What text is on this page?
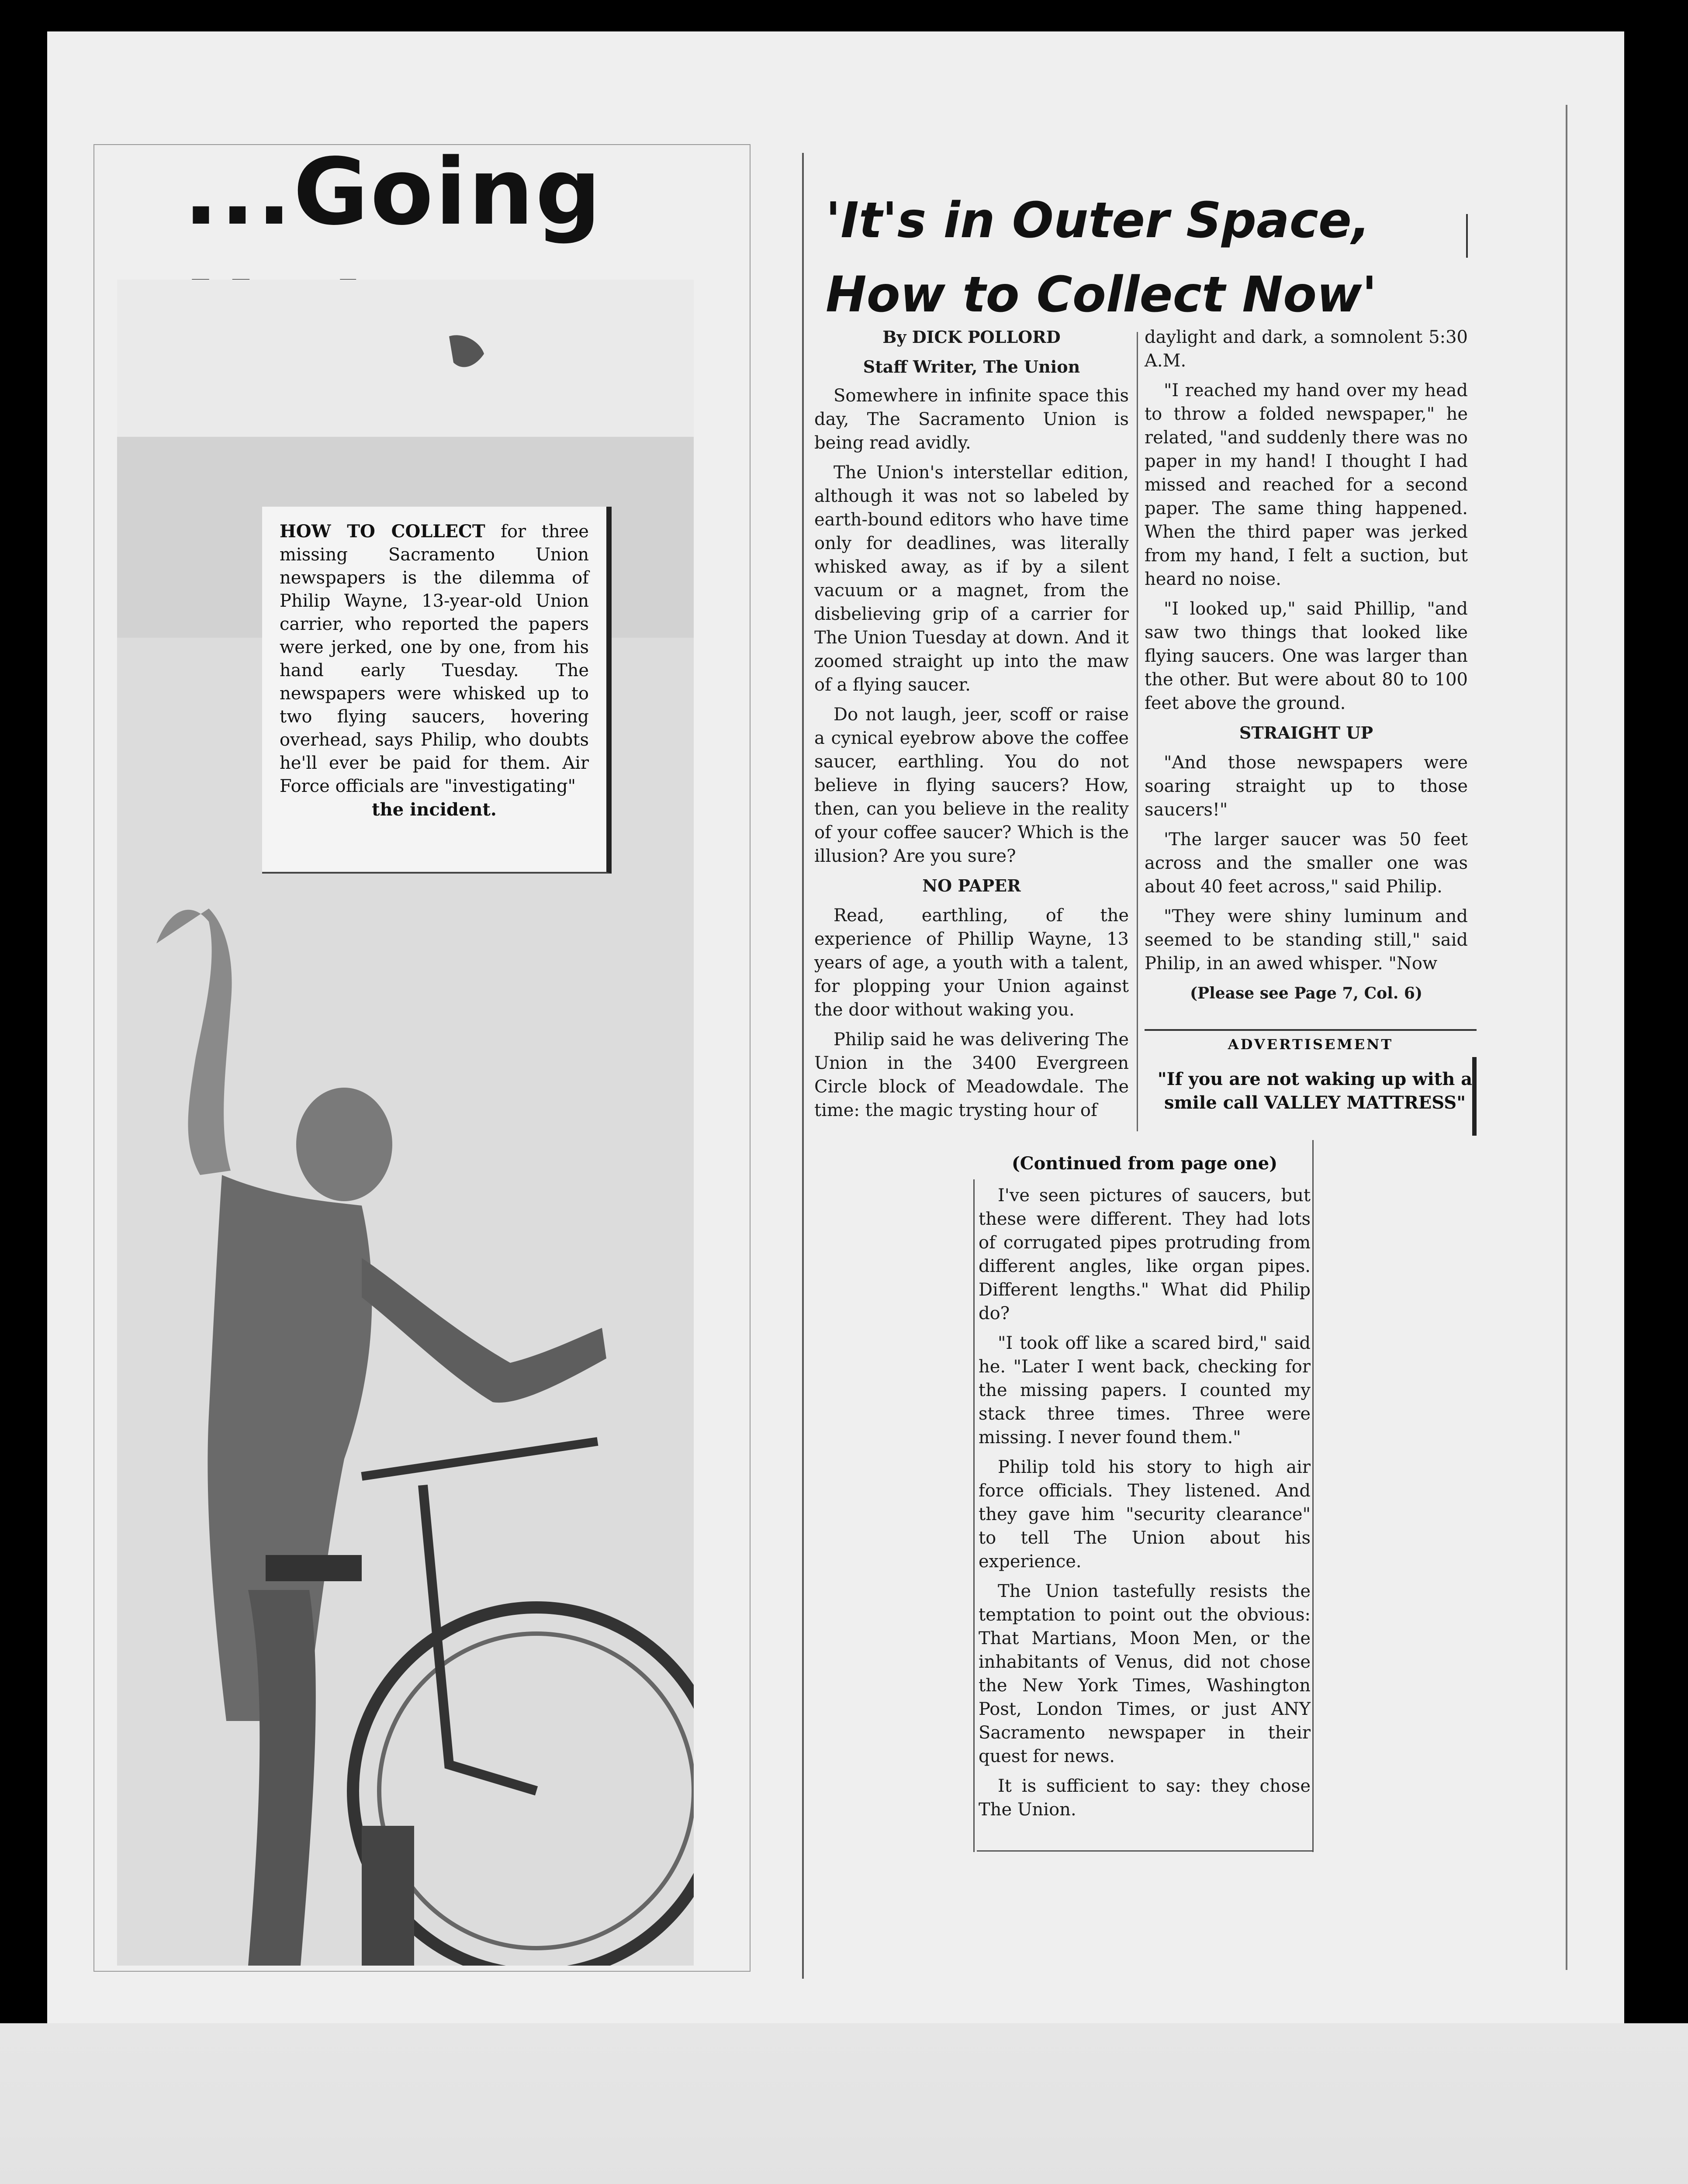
...Going
HOW TO COLLECT for three missing Sacramento Union newspapers is the dilemma of Philip Wayne, 13-year-old Union carrier, who reported the papers were jerked, one by one, from his hand early Tuesday. The newspapers were whisked up to two flying saucers, hovering overhead, says Philip, who doubts he'll ever be paid for them. Air Force officials are "investigating"
the incident.
'It's in Outer Space,
How to Collect Now'

By DICK POLLORD

Staff Writer, The Union

Somewhere in infinite space this day, The Sacramento Union is being read avidly.

The Union's interstellar edition, although it was not so labeled by earth-bound editors who have time only for deadlines, was literally whisked away, as if by a silent vacuum or a magnet, from the disbelieving grip of a carrier for The Union Tuesday at down. And it zoomed straight up into the maw of a flying saucer.

Do not laugh, jeer, scoff or raise a cynical eyebrow above the coffee saucer, earthling. You do not believe in flying saucers? How, then, can you believe in the reality of your coffee saucer? Which is the illusion? Are you sure?

NO PAPER

Read, earthling, of the experience of Phillip Wayne, 13 years of age, a youth with a talent, for plopping your Union against the door without waking you.

Philip said he was delivering The Union in the 3400 Evergreen Circle block of Meadowdale. The time: the magic trysting hour of

daylight and dark, a somnolent 5:30 A.M.

"I reached my hand over my head to throw a folded newspaper," he related, "and suddenly there was no paper in my hand! I thought I had missed and reached for a second paper. The same thing happened. When the third paper was jerked from my hand, I felt a suction, but heard no noise.

"I looked up," said Phillip, "and saw two things that looked like flying saucers. One was larger than the other. But were about 80 to 100 feet above the ground.

STRAIGHT UP

"And those newspapers were soaring straight up to those saucers!"

'The larger saucer was 50 feet across and the smaller one was about 40 feet across," said Philip.

"They were shiny luminum and seemed to be standing still," said Philip, in an awed whisper. "Now

(Please see Page 7, Col. 6)
ADVERTISEMENT
"If you are not waking up with a smile call VALLEY MATTRESS"
(Continued from page one)

I've seen pictures of saucers, but these were different. They had lots of corrugated pipes protruding from different angles, like organ pipes. Different lengths." What did Philip do?

"I took off like a scared bird," said he. "Later I went back, checking for the missing papers. I counted my stack three times. Three were missing. I never found them."

Philip told his story to high air force officials. They listened. And they gave him "security clearance" to tell The Union about his experience.

The Union tastefully resists the temptation to point out the obvious: That Martians, Moon Men, or the inhabitants of Venus, did not chose the New York Times, Washington Post, London Times, or just ANY Sacramento newspaper in their quest for news.

It is sufficient to say: they chose The Union.
